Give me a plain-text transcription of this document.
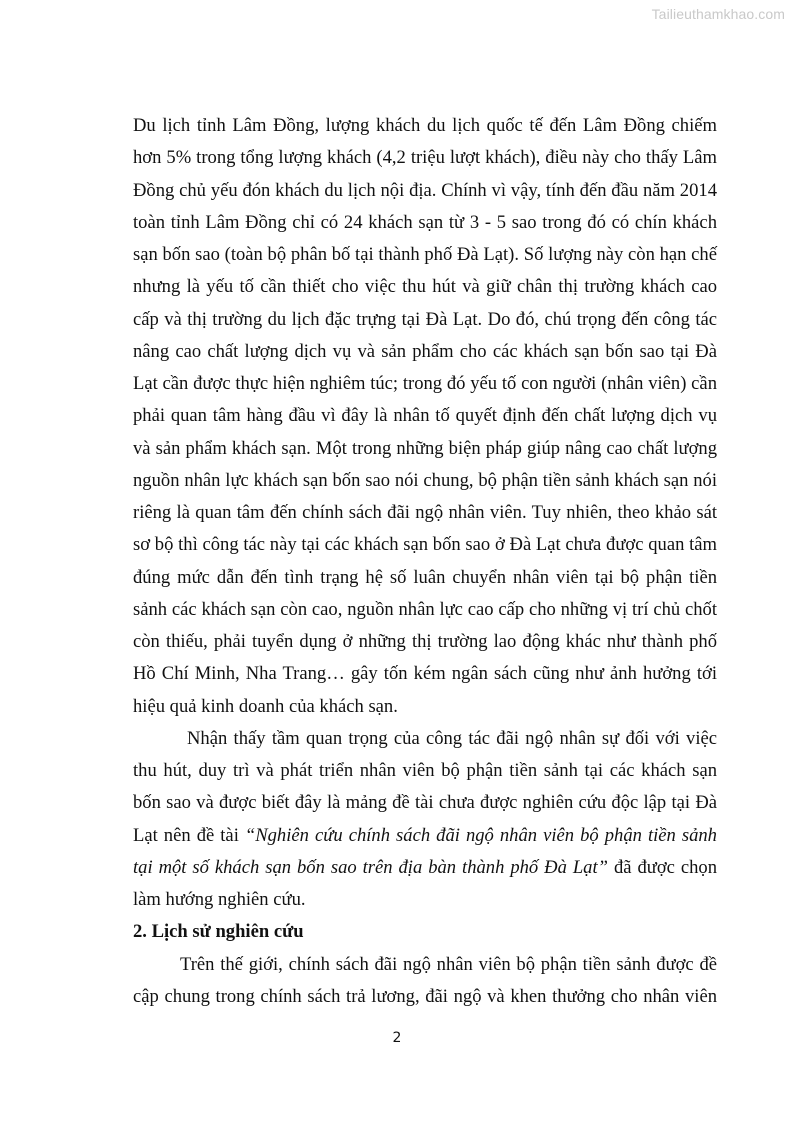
Tailieuthamkhao.com
Du lịch tỉnh Lâm Đồng, lượng khách du lịch quốc tế đến Lâm Đồng chiếm
hơn 5% trong tổng lượng khách (4,2 triệu lượt khách), điều này cho thấy Lâm
Đồng chủ yếu đón khách du lịch nội địa. Chính vì vậy, tính đến đầu năm 2014
toàn tỉnh Lâm Đồng chỉ có 24 khách sạn từ 3 - 5 sao trong đó có chín khách
sạn bốn sao (toàn bộ phân bố tại thành phố Đà Lạt). Số lượng này còn hạn chế
nhưng là yếu tố cần thiết cho việc thu hút và giữ chân thị trường khách cao
cấp và thị trường du lịch đặc trựng tại Đà Lạt. Do đó, chú trọng đến công tác
nâng cao chất lượng dịch vụ và sản phẩm cho các khách sạn bốn sao tại Đà
Lạt cần được thực hiện nghiêm túc; trong đó yếu tố con người (nhân viên) cần
phải quan tâm hàng đầu vì đây là nhân tố quyết định đến chất lượng dịch vụ
và sản phẩm khách sạn. Một trong những biện pháp giúp nâng cao chất lượng
nguồn nhân lực khách sạn bốn sao nói chung, bộ phận tiền sảnh khách sạn nói
riêng là quan tâm đến chính sách đãi ngộ nhân viên. Tuy nhiên, theo khảo sát
sơ bộ thì công tác này tại các khách sạn bốn sao ở Đà Lạt chưa được quan tâm
đúng mức dẫn đến tình trạng hệ số luân chuyển nhân viên tại bộ phận tiền
sảnh các khách sạn còn cao, nguồn nhân lực cao cấp cho những vị trí chủ chốt
còn thiếu, phải tuyển dụng ở những thị trường lao động khác như thành phố
Hồ Chí Minh, Nha Trang… gây tốn kém ngân sách cũng như ảnh hưởng tới
hiệu quả kinh doanh của khách sạn.
Nhận thấy tầm quan trọng của công tác đãi ngộ nhân sự đối với việc
thu hút, duy trì và phát triển nhân viên bộ phận tiền sảnh tại các khách sạn
bốn sao và được biết đây là mảng đề tài chưa được nghiên cứu độc lập tại Đà
Lạt nên đề tài “Nghiên cứu chính sách đãi ngộ nhân viên bộ phận tiền sảnh
tại một số khách sạn bốn sao trên địa bàn thành phố Đà Lạt” đã được chọn
làm hướng nghiên cứu.
2. Lịch sử nghiên cứu
Trên thế giới, chính sách đãi ngộ nhân viên bộ phận tiền sảnh được đề
cập chung trong chính sách trả lương, đãi ngộ và khen thưởng cho nhân viên
2
